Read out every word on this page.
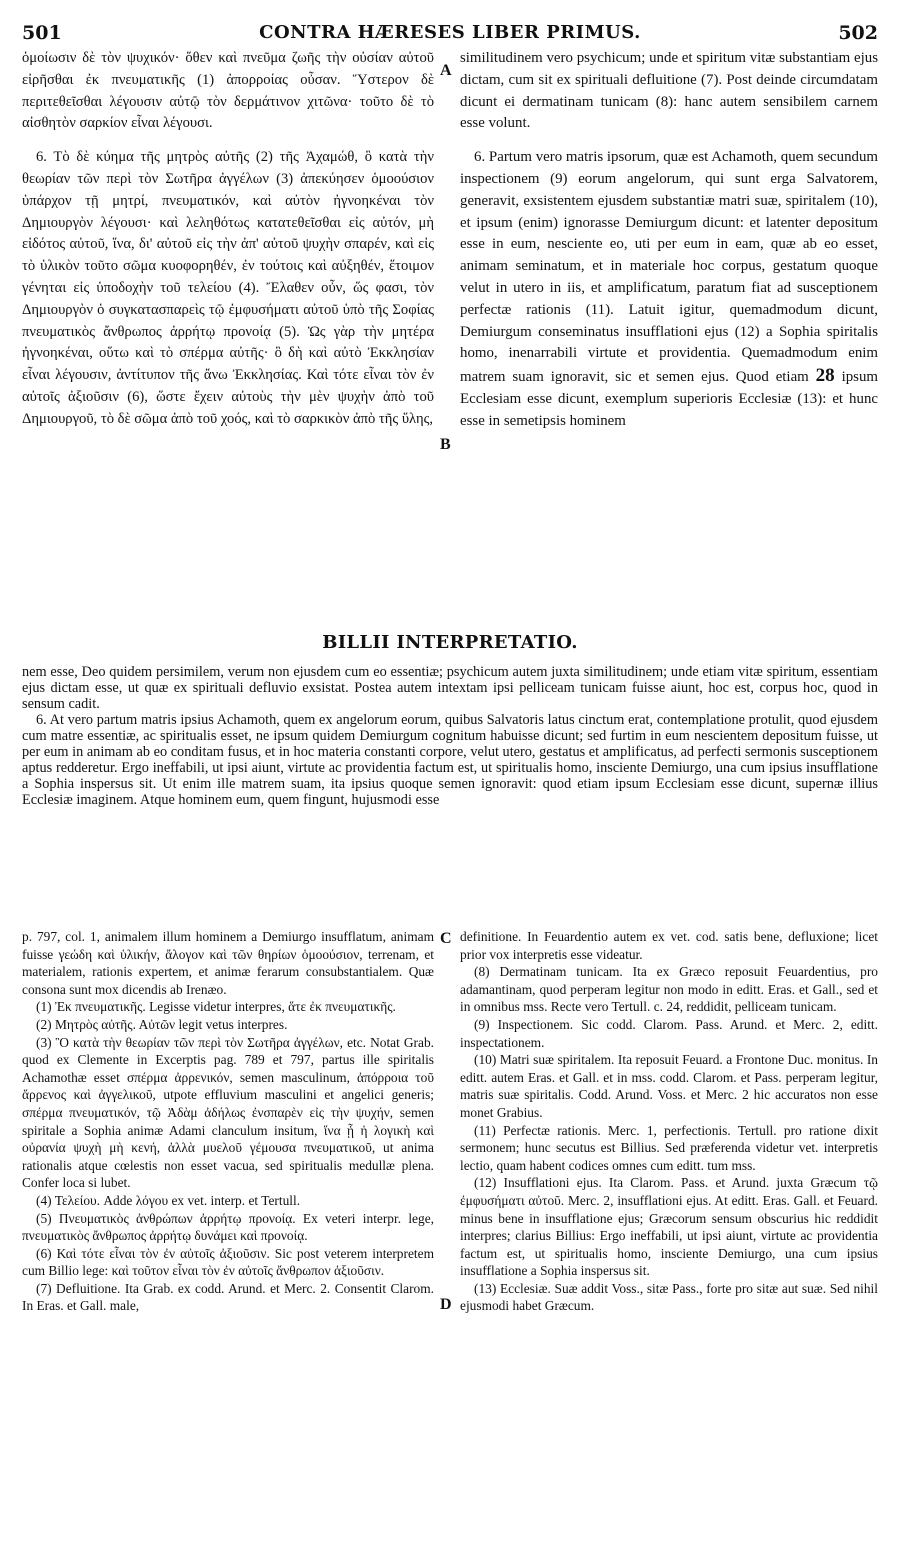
501	CONTRA HÆRESES LIBER PRIMUS.	502

ὁμοίωσιν δὲ τὸν ψυχικόν· ὅθεν καὶ πνεῦμα ζωῆς τὴν οὐσίαν αὐτοῦ εἰρῆσθαι ἐκ πνευματικῆς (1) ἀπορροίας οὖσαν. Ὕστερον δὲ περιτεθεῖσθαι λέγουσιν αὐτῷ τὸν δερμάτινον χιτῶνα· τοῦτο δὲ τὸ αἰσθητὸν σαρκίον εἶναι λέγουσι.

6. Τὸ δὲ κύημα τῆς μητρὸς αὐτῆς (2) τῆς Ἀχαμώθ, ὃ κατὰ τὴν θεωρίαν τῶν περὶ τὸν Σωτῆρα ἀγγέλων (3) ἀπεκύησεν ὁμοούσιον ὑπάρχον τῇ μητρί, πνευματικόν, καὶ αὐτὸν ἠγνοηκέναι τὸν Δημιουργὸν λέγουσι· καὶ λεληθότως κατατεθεῖσθαι εἰς αὐτόν, μὴ εἰδότος αὐτοῦ, ἵνα, δι' αὐτοῦ εἰς τὴν ἀπ' αὐτοῦ ψυχὴν σπαρέν, καὶ εἰς τὸ ὑλικὸν τοῦτο σῶμα κυοφορηθέν, ἐν τούτοις καὶ αὐξηθέν, ἕτοιμον γένηται εἰς ὑποδοχὴν τοῦ τελείου (4). Ἔλαθεν οὖν, ὥς φασι, τὸν Δημιουργὸν ὁ συγκατασπαρεὶς τῷ ἐμφυσήματι αὐτοῦ ὑπὸ τῆς Σοφίας πνευματικὸς ἄνθρωπος ἀρρήτῳ προνοίᾳ (5). Ὡς γὰρ τὴν μητέρα ἠγνοηκέναι, οὕτω καὶ τὸ σπέρμα αὐτῆς· ὃ δὴ καὶ αὐτὸ Ἐκκλησίαν εἶναι λέγουσιν, ἀντίτυπον τῆς ἄνω Ἐκκλησίας. Καὶ τότε εἶναι τὸν ἐν αὐτοῖς ἀξιοῦσιν (6), ὥστε ἔχειν αὐτοὺς τὴν μὲν ψυχὴν ἀπὸ τοῦ Δημιουργοῦ, τὸ δὲ σῶμα ἀπὸ τοῦ χοός, καὶ τὸ σαρκικὸν ἀπὸ τῆς ὕλης,

A
B
C
D

similitudinem vero psychicum; unde et spiritum vitæ substantiam ejus dictam, cum sit ex spirituali defluitione (7). Post deinde circumdatam dicunt ei dermatinam tunicam (8): hanc autem sensibilem carnem esse volunt.

6. Partum vero matris ipsorum, quæ est Achamoth, quem secundum inspectionem (9) eorum angelorum, qui sunt erga Salvatorem, generavit, exsistentem ejusdem substantiæ matri suæ, spiritalem (10), et ipsum (enim) ignorasse Demiurgum dicunt: et latenter depositum esse in eum, nesciente eo, uti per eum in eam, quæ ab eo esset, animam seminatum, et in materiale hoc corpus, gestatum quoque velut in utero in iis, et amplificatum, paratum fiat ad susceptionem perfectæ rationis (11). Latuit igitur, quemadmodum dicunt, Demiurgum conseminatus insufflationi ejus (12) a Sophia spiritalis homo, inenarrabili virtute et providentia. Quemadmodum enim matrem suam ignoravit, sic et semen ejus. Quod etiam 28 ipsum Ecclesiam esse dicunt, exemplum superioris Ecclesiæ (13): et hunc esse in semetipsis hominem

BILLII INTERPRETATIO.

nem esse, Deo quidem persimilem, verum non ejusdem cum eo essentiæ; psychicum autem juxta similitudinem; unde etiam vitæ spiritum, essentiam ejus dictam esse, ut quæ ex spirituali defluvio exsistat. Postea autem intextam ipsi pelliceam tunicam fuisse aiunt, hoc est, corpus hoc, quod in sensum cadit.

6. At vero partum matris ipsius Achamoth, quem ex angelorum eorum, quibus Salvatoris latus cinctum erat, contemplatione protulit, quod ejusdem cum matre essentiæ, ac spiritualis esset, ne ipsum quidem Demiurgum cognitum habuisse dicunt; sed furtim in eum nescientem depositum fuisse, ut per eum in animam ab eo conditam fusus, et in hoc materia constanti corpore, velut utero, gestatus et amplificatus, ad perfecti sermonis susceptionem aptus redderetur. Ergo ineffabili, ut ipsi aiunt, virtute ac providentia factum est, ut spiritualis homo, insciente Demiurgo, una cum ipsius insufflatione a Sophia inspersus sit. Ut enim ille matrem suam, ita ipsius quoque semen ignoravit: quod etiam ipsum Ecclesiam esse dicunt, supernæ illius Ecclesiæ imaginem. Atque hominem eum, quem fingunt, hujusmodi esse

p. 797, col. 1, animalem illum hominem a Demiurgo insufflatum, animam fuisse γεώδη καὶ ὑλικήν, ἄλογον καὶ τῶν θηρίων ὁμοούσιον, terrenam, et materialem, rationis expertem, et animæ ferarum consubstantialem. Quæ consona sunt mox dicendis ab Irenæo.

(1) Ἐκ πνευματικῆς. Legisse videtur interpres, ἅτε ἐκ πνευματικῆς.

(2) Μητρὸς αὐτῆς. Αὐτῶν legit vetus interpres.

(3) Ὃ κατὰ τὴν θεωρίαν τῶν περὶ τὸν Σωτῆρα ἀγγέλων, etc. Notat Grab. quod ex Clemente in Excerptis pag. 789 et 797, partus ille spiritalis Achamothæ esset σπέρμα ἀρρενικόν, semen masculinum, ἀπόρροια τοῦ ἄρρενος καὶ ἀγγελικοῦ, utpote effluvium masculini et angelici generis; σπέρμα πνευματικόν, τῷ Ἀδὰμ ἀδήλως ἐνσπαρὲν εἰς τὴν ψυχήν, semen spiritale a Sophia animæ Adami clanculum insitum, ἵνα ᾖ ἡ λογικὴ καὶ οὐρανία ψυχὴ μὴ κενή, ἀλλὰ μυελοῦ γέμουσα πνευματικοῦ, ut anima rationalis atque cœlestis non esset vacua, sed spiritualis medullæ plena. Confer loca si lubet.

(4) Τελείου. Adde λόγου ex vet. interp. et Tertull.

(5) Πνευματικὸς ἀνθρώπων ἀρρήτῳ προνοίᾳ. Ex veteri interpr. lege, πνευματικὸς ἄνθρωπος ἀρρήτῳ δυνάμει καὶ προνοίᾳ.

(6) Καὶ τότε εἶναι τὸν ἐν αὐτοῖς ἀξιοῦσιν. Sic post veterem interpretem cum Billio lege: καὶ τοῦτον εἶναι τὸν ἐν αὐτοῖς ἄνθρωπον ἀξιοῦσιν.

(7) Defluitione. Ita Grab. ex codd. Arund. et Merc. 2. Consentit Clarom. In Eras. et Gall. male,

definitione. In Feuardentio autem ex vet. cod. satis bene, defluxione; licet prior vox interpretis esse videatur.

(8) Dermatinam tunicam. Ita ex Græco reposuit Feuardentius, pro adamantinam, quod perperam legitur non modo in editt. Eras. et Gall., sed et in omnibus mss. Recte vero Tertull. c. 24, reddidit, pelliceam tunicam.

(9) Inspectionem. Sic codd. Clarom. Pass. Arund. et Merc. 2, editt. inspectationem.

(10) Matri suæ spiritalem. Ita reposuit Feuard. a Frontone Duc. monitus. In editt. autem Eras. et Gall. et in mss. codd. Clarom. et Pass. perperam legitur, matris suæ spiritalis. Codd. Arund. Voss. et Merc. 2 hic accuratos non esse monet Grabius.

(11) Perfectæ rationis. Merc. 1, perfectionis. Tertull. pro ratione dixit sermonem; hunc secutus est Billius. Sed præferenda videtur vet. interpretis lectio, quam habent codices omnes cum editt. tum mss.

(12) Insufflationi ejus. Ita Clarom. Pass. et Arund. juxta Græcum τῷ ἐμφυσήματι αὐτοῦ. Merc. 2, insufflationi ejus. At editt. Eras. Gall. et Feuard. minus bene in insufflatione ejus; Græcorum sensum obscurius hic reddidit interpres; clarius Billius: Ergo ineffabili, ut ipsi aiunt, virtute ac providentia factum est, ut spiritualis homo, insciente Demiurgo, una cum ipsius insufflatione a Sophia inspersus sit.

(13) Ecclesiæ. Suæ addit Voss., sitæ Pass., forte pro sitæ aut suæ. Sed nihil ejusmodi habet Græcum.
